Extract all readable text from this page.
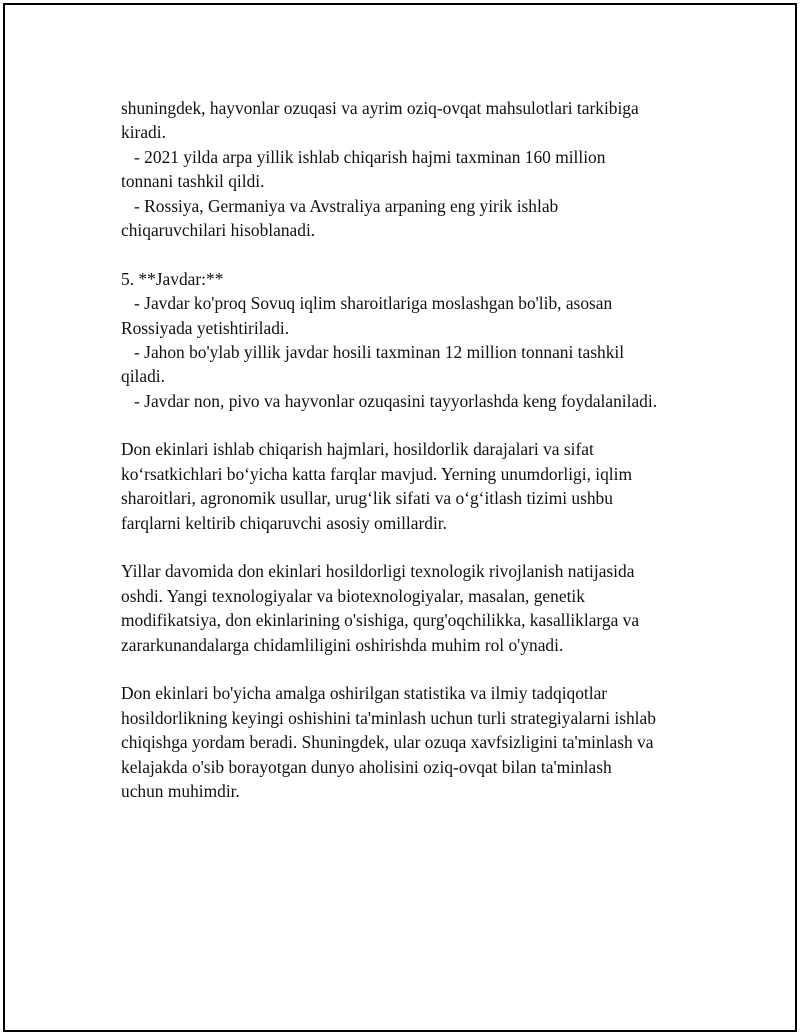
shuningdek, hayvonlar ozuqasi va ayrim oziq-ovqat mahsulotlari tarkibiga
kiradi.
- 2021 yilda arpa yillik ishlab chiqarish hajmi taxminan 160 million
tonnani tashkil qildi.
- Rossiya, Germaniya va Avstraliya arpaning eng yirik ishlab
chiqaruvchilari hisoblanadi.
5. **Javdar:**
- Javdar ko'proq Sovuq iqlim sharoitlariga moslashgan bo'lib, asosan
Rossiyada yetishtiriladi.
- Jahon bo'ylab yillik javdar hosili taxminan 12 million tonnani tashkil
qiladi.
- Javdar non, pivo va hayvonlar ozuqasini tayyorlashda keng foydalaniladi.
Don ekinlari ishlab chiqarish hajmlari, hosildorlik darajalari va sifat
ko‘rsatkichlari bo‘yicha katta farqlar mavjud. Yerning unumdorligi, iqlim
sharoitlari, agronomik usullar, urug‘lik sifati va o‘g‘itlash tizimi ushbu
farqlarni keltirib chiqaruvchi asosiy omillardir.
Yillar davomida don ekinlari hosildorligi texnologik rivojlanish natijasida
oshdi. Yangi texnologiyalar va biotexnologiyalar, masalan, genetik
modifikatsiya, don ekinlarining o'sishiga, qurg'oqchilikka, kasalliklarga va
zararkunandalarga chidamliligini oshirishda muhim rol o'ynadi.
Don ekinlari bo'yicha amalga oshirilgan statistika va ilmiy tadqiqotlar
hosildorlikning keyingi oshishini ta'minlash uchun turli strategiyalarni ishlab
chiqishga yordam beradi. Shuningdek, ular ozuqa xavfsizligini ta'minlash va
kelajakda o'sib borayotgan dunyo aholisini oziq-ovqat bilan ta'minlash
uchun muhimdir.
